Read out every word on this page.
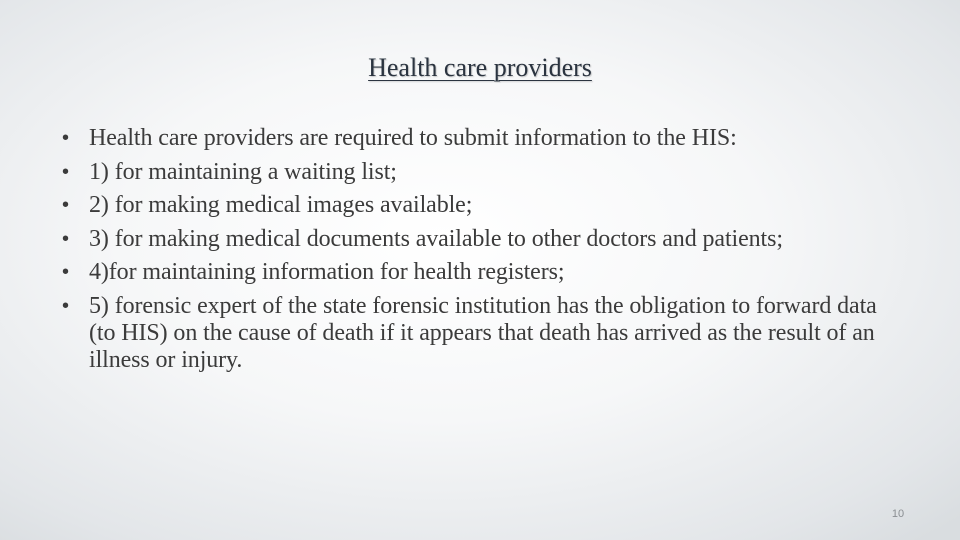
Health care providers
• Health care providers are required to submit information to the HIS:
• 1) for maintaining a waiting list;
• 2) for making medical images available;
• 3) for making medical documents available to other doctors and patients;
• 4)for maintaining information for health registers;
• 5) forensic expert of the state forensic institution has the obligation to forward data (to HIS) on the cause of death if it appears that death has arrived as the result of an illness or injury.
10
